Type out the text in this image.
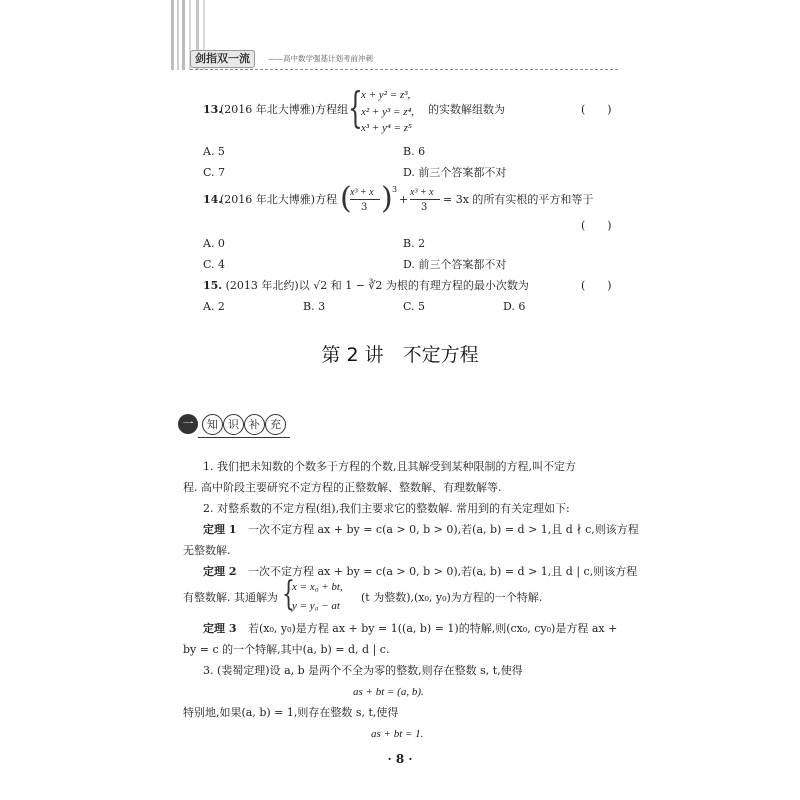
剑指双一流	——高中数学强基计划考前冲刺
13.
(2016 年北大博雅)方程组 {
x + y² = z³,
x² + y³ = z⁴,
x³ + y⁴ = z⁵
的实数解组数为	(　　)
A. 5	B. 6
C. 7	D. 前三个答案都不对
14.
(2016 年北大博雅)方程 (
x³ + x
3 ) 3
+
x³ + x
3
= 3x 的所有实根的平方和等于
(　　)
A. 0	B. 2
C. 4	D. 前三个答案都不对
15. (2013 年北约)以 √2 和 1 − ∛2 为根的有理方程的最小次数为	(　　)
A. 2	B. 3	C. 5	D. 6
第 2 讲　不定方程
一	知 识 补 充
1. 我们把未知数的个数多于方程的个数,且其解受到某种限制的方程,叫不定方
程. 高中阶段主要研究不定方程的正整数解、整数解、有理数解等.
2. 对整系数的不定方程(组),我们主要求它的整数解. 常用到的有关定理如下:
定理 1 一次不定方程 ax + by = c(a > 0, b > 0),若(a, b) = d > 1,且 d ∤ c,则该方程
无整数解.
定理 2 一次不定方程 ax + by = c(a > 0, b > 0),若(a, b) = d > 1,且 d | c,则该方程
有整数解. 其通解为 {
x = x₀ + bt,
y = y₀ − at
(t 为整数),(x₀, y₀)为方程的一个特解.
定理 3 若(x₀, y₀)是方程 ax + by = 1((a, b) = 1)的特解,则(cx₀, cy₀)是方程 ax +
by = c 的一个特解,其中(a, b) = d, d | c.
3. (裴蜀定理)设 a, b 是两个不全为零的整数,则存在整数 s, t,使得
as + bt = (a, b).
特别地,如果(a, b) = 1,则存在整数 s, t,使得
as + bt = 1.
· 8 ·
